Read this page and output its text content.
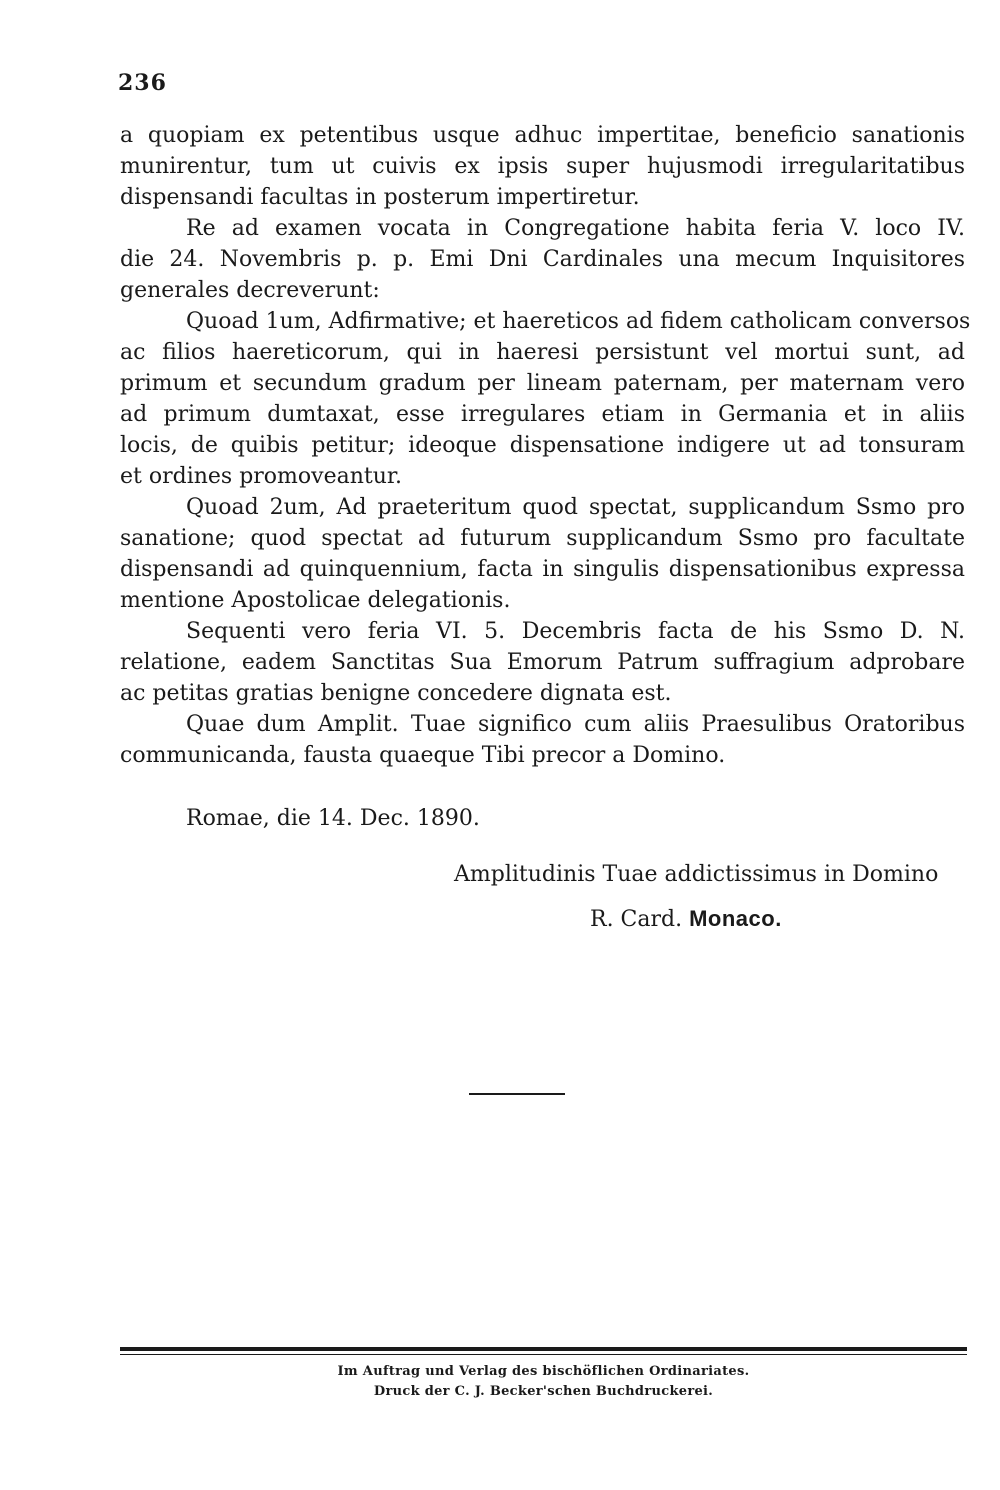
236
a quopiam ex petentibus usque adhuc impertitae, beneficio sanationis
munirentur, tum ut cuivis ex ipsis super hujusmodi irregularitatibus
dispensandi facultas in posterum impertiretur.
Re ad examen vocata in Congregatione habita feria V. loco IV.
die 24. Novembris p. p. Emi Dni Cardinales una mecum Inquisitores
generales decreverunt:
Quoad 1um, Adfirmative; et haereticos ad fidem catholicam conversos
ac filios haereticorum, qui in haeresi persistunt vel mortui sunt, ad
primum et secundum gradum per lineam paternam, per maternam vero
ad primum dumtaxat, esse irregulares etiam in Germania et in aliis
locis, de quibis petitur; ideoque dispensatione indigere ut ad tonsuram
et ordines promoveantur.
Quoad 2um, Ad praeteritum quod spectat, supplicandum Ssmo pro
sanatione; quod spectat ad futurum supplicandum Ssmo pro facultate
dispensandi ad quinquennium, facta in singulis dispensationibus expressa
mentione Apostolicae delegationis.
Sequenti vero feria VI. 5. Decembris facta de his Ssmo D. N.
relatione, eadem Sanctitas Sua Emorum Patrum suffragium adprobare
ac petitas gratias benigne concedere dignata est.
Quae dum Amplit. Tuae significo cum aliis Praesulibus Oratoribus
communicanda, fausta quaeque Tibi precor a Domino.
Romae, die 14. Dec. 1890.
Amplitudinis Tuae addictissimus in Domino
R. Card. Monaco.
Im Auftrag und Verlag des bischöflichen Ordinariates.
Druck der C. J. Becker'schen Buchdruckerei.
